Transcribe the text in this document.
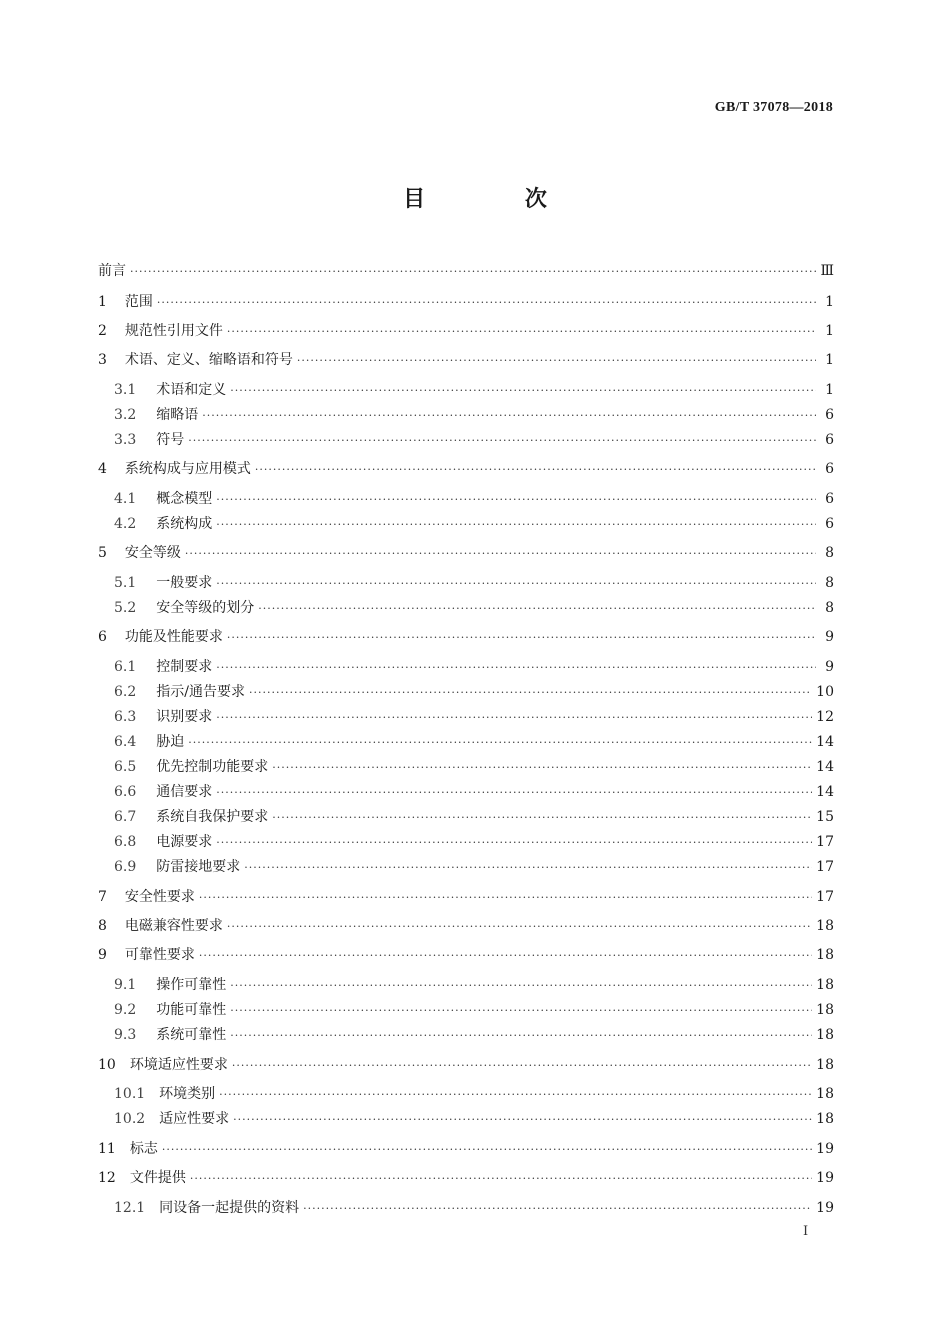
GB/T 37078—2018
目 次
前言 ·····	Ⅲ
1 范围 ·····	1
2 规范性引用文件 ·····	1
3 术语、定义、缩略语和符号 ·····	1
3.1 术语和定义 ·····	1
3.2 缩略语 ·····	6
3.3 符号 ·····	6
4 系统构成与应用模式 ·····	6
4.1 概念模型 ·····	6
4.2 系统构成 ·····	6
5 安全等级 ·····	8
5.1 一般要求 ·····	8
5.2 安全等级的划分 ·····	8
6 功能及性能要求 ·····	9
6.1 控制要求 ·····	9
6.2 指示/通告要求 ·····	10
6.3 识别要求 ·····	12
6.4 胁迫 ·····	14
6.5 优先控制功能要求 ·····	14
6.6 通信要求 ·····	14
6.7 系统自我保护要求 ·····	15
6.8 电源要求 ·····	17
6.9 防雷接地要求 ·····	17
7 安全性要求 ·····	17
8 电磁兼容性要求 ·····	18
9 可靠性要求 ·····	18
9.1 操作可靠性 ·····	18
9.2 功能可靠性 ·····	18
9.3 系统可靠性 ·····	18
10 环境适应性要求 ·····	18
10.1 环境类别 ·····	18
10.2 适应性要求 ·····	18
11 标志 ·····	19
12 文件提供 ·····	19
12.1 同设备一起提供的资料 ·····	19
I
